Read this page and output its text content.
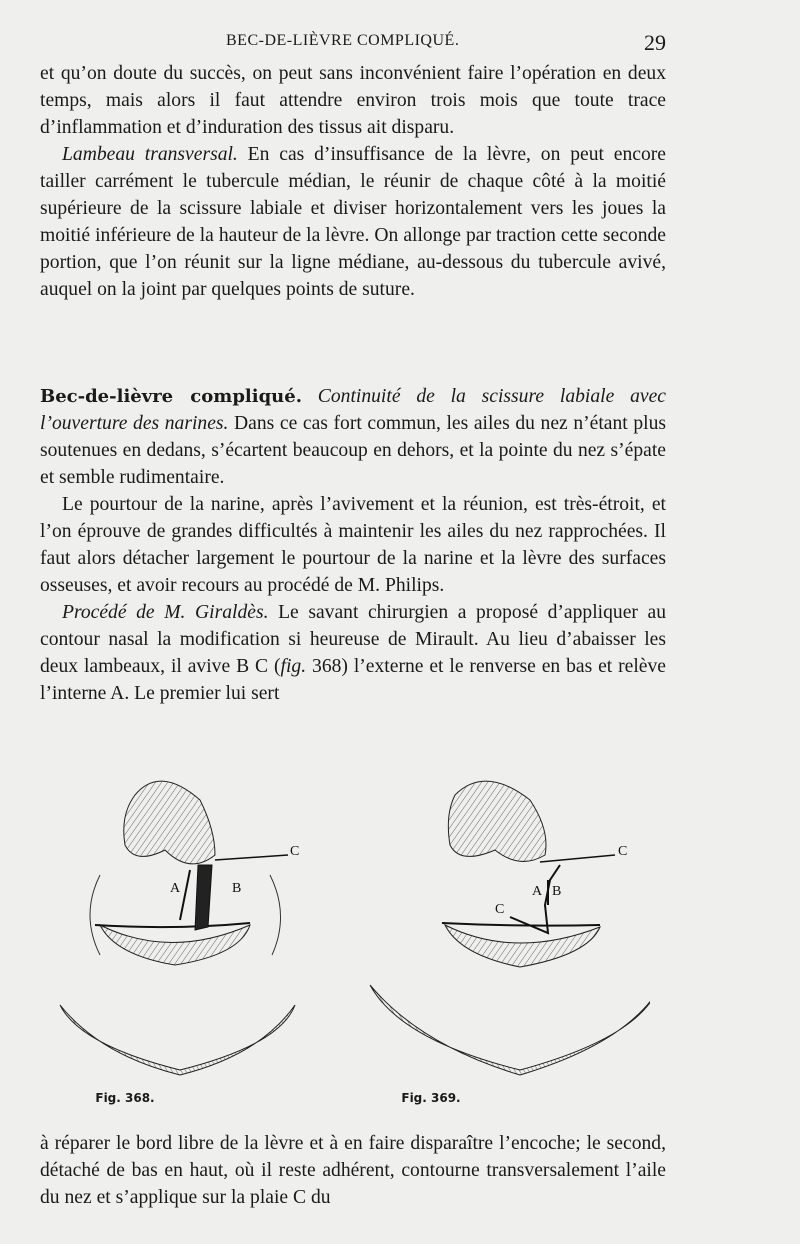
BEC-DE-LIÈVRE COMPLIQUÉ.	29

et qu’on doute du succès, on peut sans inconvénient faire l’opération en deux temps, mais alors il faut attendre environ trois mois que toute trace d’inflammation et d’induration des tissus ait disparu.

Lambeau transversal. En cas d’insuffisance de la lèvre, on peut encore tailler carrément le tubercule médian, le réunir de chaque côté à la moitié supérieure de la scissure labiale et diviser horizontalement vers les joues la moitié inférieure de la hauteur de la lèvre. On allonge par traction cette seconde portion, que l’on réunit sur la ligne médiane, au-dessous du tubercule avivé, auquel on la joint par quelques points de suture.

Bec-de-lièvre compliqué. Continuité de la scissure labiale avec l’ouverture des narines. Dans ce cas fort commun, les ailes du nez n’étant plus soutenues en dedans, s’écartent beaucoup en dehors, et la pointe du nez s’épate et semble rudimentaire.

Le pourtour de la narine, après l’avivement et la réunion, est très-étroit, et l’on éprouve de grandes difficultés à maintenir les ailes du nez rapprochées. Il faut alors détacher largement le pourtour de la narine et la lèvre des surfaces osseuses, et avoir recours au procédé de M. Philips.

Procédé de M. Giraldès. Le savant chirurgien a proposé d’appliquer au contour nasal la modification si heureuse de Mirault. Au lieu d’abaisser les deux lambeaux, il avive B C (fig. 368) l’externe et le renverse en bas et relève l’interne A. Le premier lui sert

A	B
C
Fig. 368.
A B
C
C
Fig. 369.

à réparer le bord libre de la lèvre et à en faire disparaître l’encoche; le second, détaché de bas en haut, où il reste adhérent, contourne transversalement l’aile du nez et s’applique sur la plaie C du
